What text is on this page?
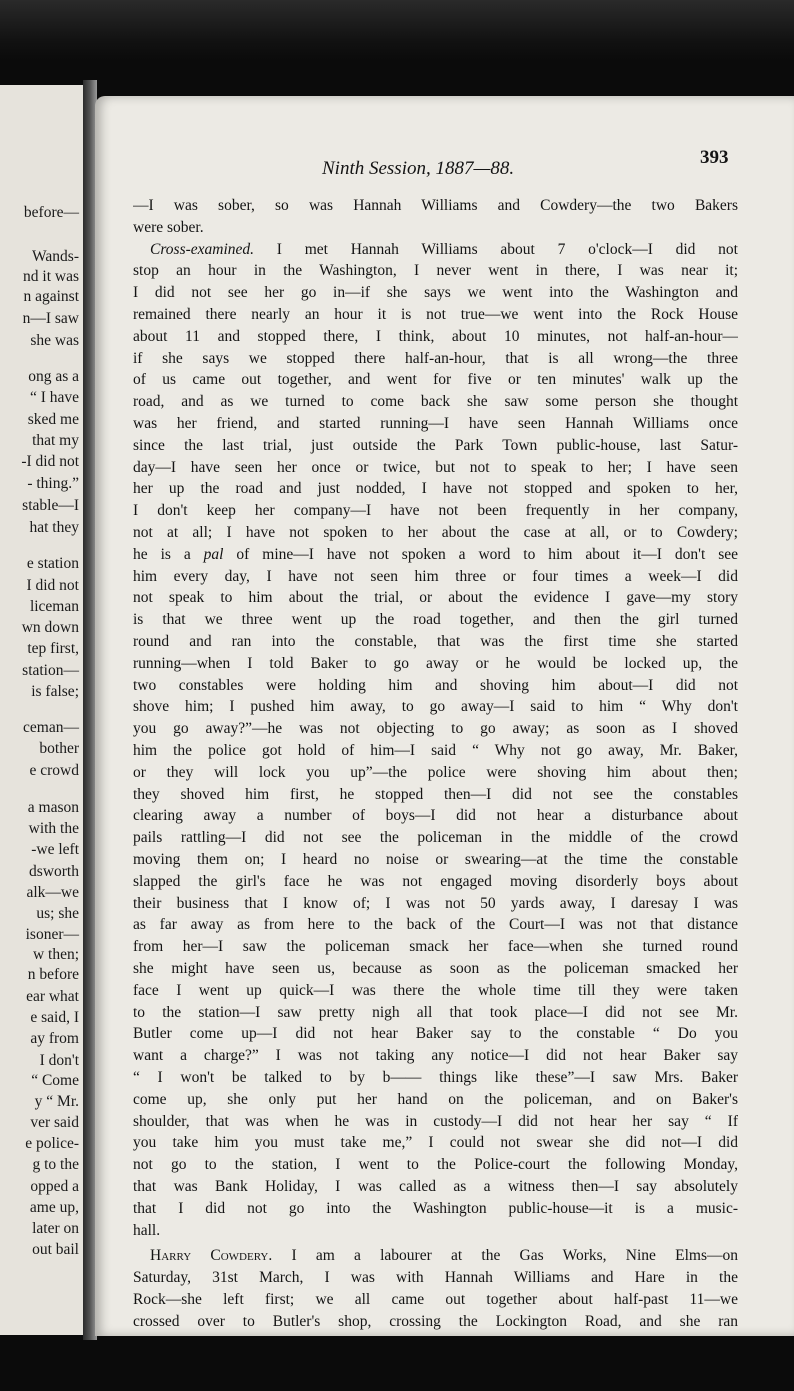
before—
Wands-
nd it was
n against
n—I saw
she was
ong as a
“ I have
sked me
that my
-I did not
- thing.”
stable—I
hat they
e station
I did not
liceman
wn down
tep first,
station—
is false;
ceman—
bother
e crowd
a mason
with the
-we left
dsworth
alk—we
us; she
isoner—
w then;
n before
ear what
e said, I
ay from
I don't
“ Come
y “ Mr.
ver said
e police-
g to the
opped a
ame up,
later on
out bail
Ninth Session, 1887—88.
393
—I was sober, so was Hannah Williams and Cowdery—the two Bakers
were sober.
Cross-examined. I met Hannah Williams about 7 o'clock—I did not
stop an hour in the Washington, I never went in there, I was near it;
I did not see her go in—if she says we went into the Washington and
remained there nearly an hour it is not true—we went into the Rock House
about 11 and stopped there, I think, about 10 minutes, not half-an-hour—
if she says we stopped there half-an-hour, that is all wrong—the three
of us came out together, and went for five or ten minutes' walk up the
road, and as we turned to come back she saw some person she thought
was her friend, and started running—I have seen Hannah Williams once
since the last trial, just outside the Park Town public-house, last Satur-
day—I have seen her once or twice, but not to speak to her; I have seen
her up the road and just nodded, I have not stopped and spoken to her,
I don't keep her company—I have not been frequently in her company,
not at all; I have not spoken to her about the case at all, or to Cowdery;
he is a pal of mine—I have not spoken a word to him about it—I don't see
him every day, I have not seen him three or four times a week—I did
not speak to him about the trial, or about the evidence I gave—my story
is that we three went up the road together, and then the girl turned
round and ran into the constable, that was the first time she started
running—when I told Baker to go away or he would be locked up, the
two constables were holding him and shoving him about—I did not
shove him; I pushed him away, to go away—I said to him “ Why don't
you go away?”—he was not objecting to go away; as soon as I shoved
him the police got hold of him—I said “ Why not go away, Mr. Baker,
or they will lock you up”—the police were shoving him about then;
they shoved him first, he stopped then—I did not see the constables
clearing away a number of boys—I did not hear a disturbance about
pails rattling—I did not see the policeman in the middle of the crowd
moving them on; I heard no noise or swearing—at the time the constable
slapped the girl's face he was not engaged moving disorderly boys about
their business that I know of; I was not 50 yards away, I daresay I was
as far away as from here to the back of the Court—I was not that distance
from her—I saw the policeman smack her face—when she turned round
she might have seen us, because as soon as the policeman smacked her
face I went up quick—I was there the whole time till they were taken
to the station—I saw pretty nigh all that took place—I did not see Mr.
Butler come up—I did not hear Baker say to the constable “ Do you
want a charge?” I was not taking any notice—I did not hear Baker say
“ I won't be talked to by b—— things like these”—I saw Mrs. Baker
come up, she only put her hand on the policeman, and on Baker's
shoulder, that was when he was in custody—I did not hear her say “ If
you take him you must take me,” I could not swear she did not—I did
not go to the station, I went to the Police-court the following Monday,
that was Bank Holiday, I was called as a witness then—I say absolutely
that I did not go into the Washington public-house—it is a music-
hall.
Harry Cowdery. I am a labourer at the Gas Works, Nine Elms—on
Saturday, 31st March, I was with Hannah Williams and Hare in the
Rock—she left first; we all came out together about half-past 11—we
crossed over to Butler's shop, crossing the Lockington Road, and she ran
